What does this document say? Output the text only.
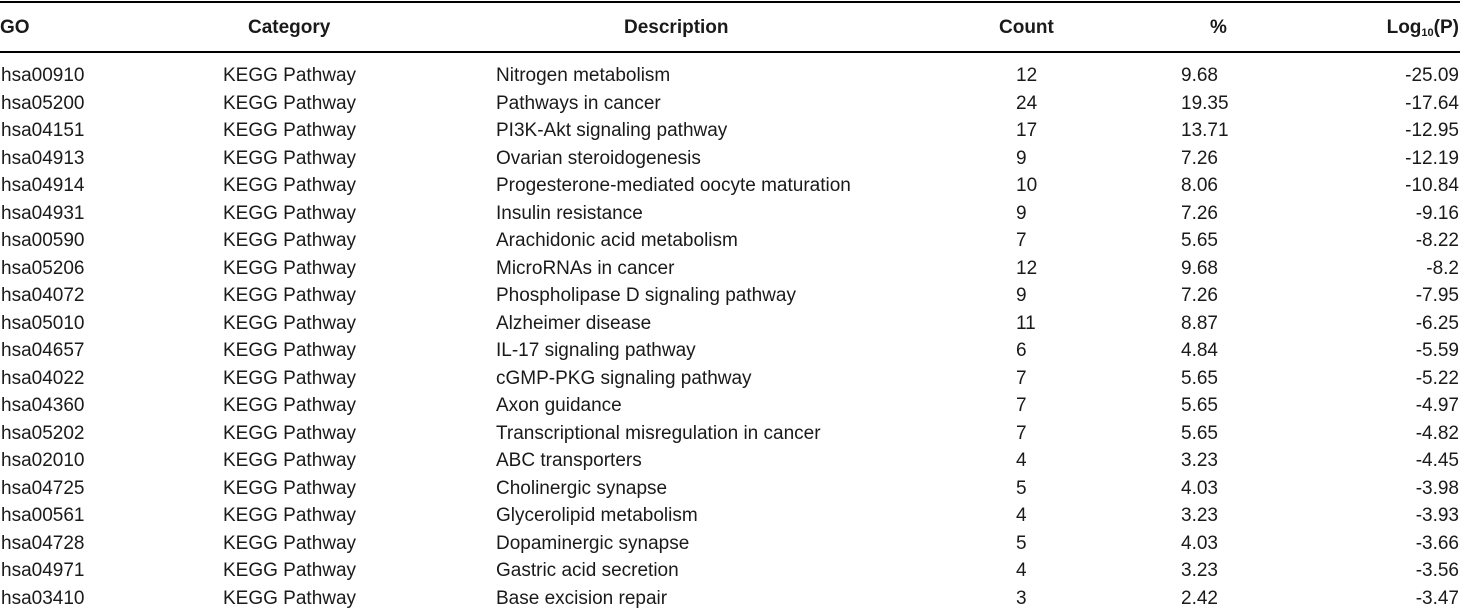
GO	Category	Description	Count	%	Log$_{10}$(P)
hsa00910	KEGG Pathway	Nitrogen metabolism	12	9.68	-25.09
hsa05200	KEGG Pathway	Pathways in cancer	24	19.35	-17.64
hsa04151	KEGG Pathway	PI3K-Akt signaling pathway	17	13.71	-12.95
hsa04913	KEGG Pathway	Ovarian steroidogenesis	9	7.26	-12.19
hsa04914	KEGG Pathway	Progesterone-mediated oocyte maturation	10	8.06	-10.84
hsa04931	KEGG Pathway	Insulin resistance	9	7.26	-9.16
hsa00590	KEGG Pathway	Arachidonic acid metabolism	7	5.65	-8.22
hsa05206	KEGG Pathway	MicroRNAs in cancer	12	9.68	-8.2
hsa04072	KEGG Pathway	Phospholipase D signaling pathway	9	7.26	-7.95
hsa05010	KEGG Pathway	Alzheimer disease	11	8.87	-6.25
hsa04657	KEGG Pathway	IL-17 signaling pathway	6	4.84	-5.59
hsa04022	KEGG Pathway	cGMP-PKG signaling pathway	7	5.65	-5.22
hsa04360	KEGG Pathway	Axon guidance	7	5.65	-4.97
hsa05202	KEGG Pathway	Transcriptional misregulation in cancer	7	5.65	-4.82
hsa02010	KEGG Pathway	ABC transporters	4	3.23	-4.45
hsa04725	KEGG Pathway	Cholinergic synapse	5	4.03	-3.98
hsa00561	KEGG Pathway	Glycerolipid metabolism	4	3.23	-3.93
hsa04728	KEGG Pathway	Dopaminergic synapse	5	4.03	-3.66
hsa04971	KEGG Pathway	Gastric acid secretion	4	3.23	-3.56
hsa03410	KEGG Pathway	Base excision repair	3	2.42	-3.47
